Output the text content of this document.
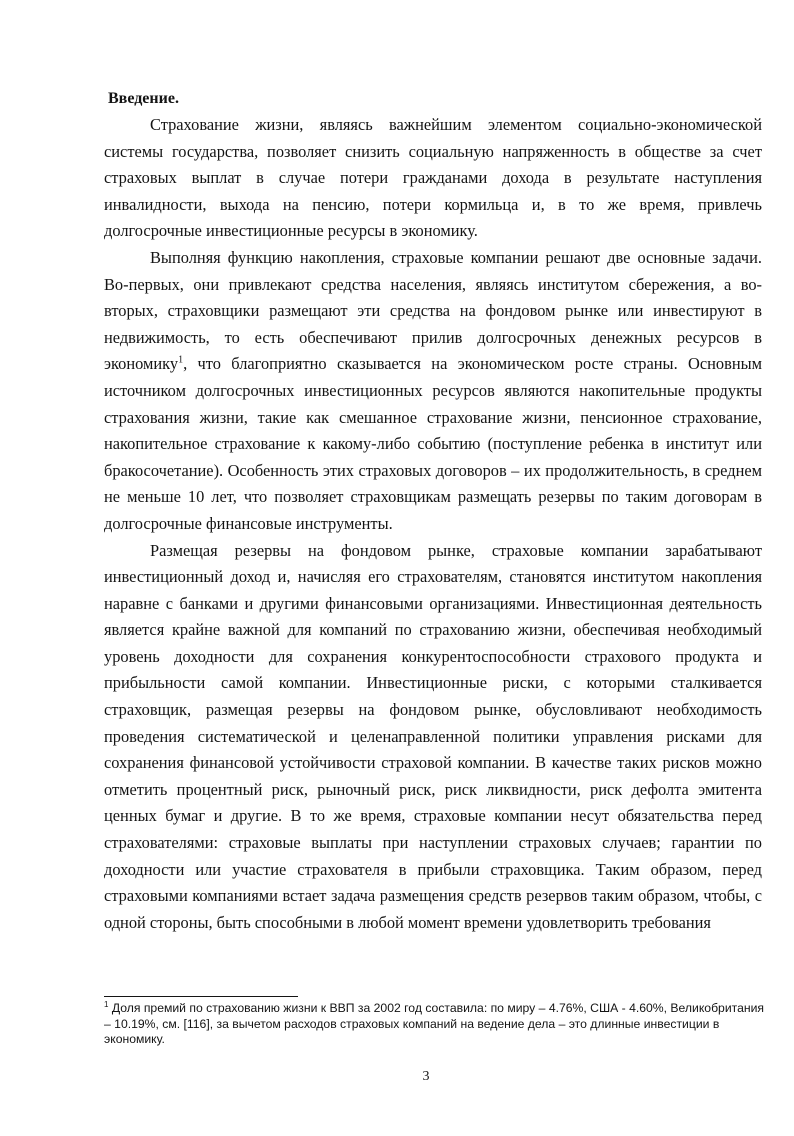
Введение.

Страхование жизни, являясь важнейшим элементом социально-экономической системы государства, позволяет снизить социальную напряженность в обществе за счет страховых выплат в случае потери гражданами дохода в результате наступления инвалидности, выхода на пенсию, потери кормильца и, в то же время, привлечь долгосрочные инвестиционные ресурсы в экономику.

Выполняя функцию накопления, страховые компании решают две основные задачи. Во-первых, они привлекают средства населения, являясь институтом сбережения, а во-вторых, страховщики размещают эти средства на фондовом рынке или инвестируют в недвижимость, то есть обеспечивают прилив долгосрочных денежных ресурсов в экономику$^1$, что благоприятно сказывается на экономическом росте страны. Основным источником долгосрочных инвестиционных ресурсов являются накопительные продукты страхования жизни, такие как смешанное страхование жизни, пенсионное страхование, накопительное страхование к какому-либо событию (поступление ребенка в институт или бракосочетание). Особенность этих страховых договоров – их продолжительность, в среднем не меньше 10 лет, что позволяет страховщикам размещать резервы по таким договорам в долгосрочные финансовые инструменты.

Размещая резервы на фондовом рынке, страховые компании зарабатывают инвестиционный доход и, начисляя его страхователям, становятся институтом накопления наравне с банками и другими финансовыми организациями. Инвестиционная деятельность является крайне важной для компаний по страхованию жизни, обеспечивая необходимый уровень доходности для сохранения конкурентоспособности страхового продукта и прибыльности самой компании. Инвестиционные риски, с которыми сталкивается страховщик, размещая резервы на фондовом рынке, обусловливают необходимость проведения систематической и целенаправленной политики управления рисками для сохранения финансовой устойчивости страховой компании. В качестве таких рисков можно отметить процентный риск, рыночный риск, риск ликвидности, риск дефолта эмитента ценных бумаг и другие. В то же время, страховые компании несут обязательства перед страхователями: страховые выплаты при наступлении страховых случаев; гарантии по доходности или участие страхователя в прибыли страховщика. Таким образом, перед страховыми компаниями встает задача размещения средств резервов таким образом, чтобы, с одной стороны, быть способными в любой момент времени удовлетворить требования

$^1$ Доля премий по страхованию жизни к ВВП за 2002 год составила: по миру – 4.76%, США - 4.60%, Великобритания – 10.19%, см. [116], за вычетом расходов страховых компаний на ведение дела – это длинные инвестиции в экономику.

3
